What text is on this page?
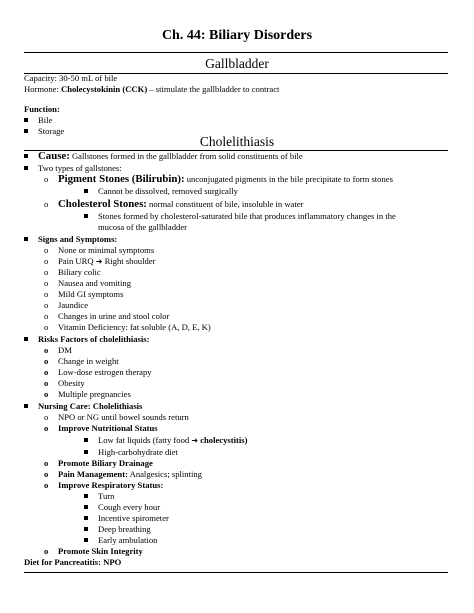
Ch. 44: Biliary Disorders
Gallbladder
Capacity: 30-50 mL of bile
Hormone: Cholecystokinin (CCK) – stimulate the gallbladder to contract
Function:
Bile
Storage
Cholelithiasis
Cause: Gallstones formed in the gallbladder from solid constituents of bile
Two types of gallstones:
o Pigment Stones (Bilirubin): unconjugated pigments in the bile precipitate to form stones
Cannot be dissolved, removed surgically
o Cholesterol Stones: normal constituent of bile, insoluble in water
Stones formed by cholesterol-saturated bile that produces inflammatory changes in the
mucosa of the gallbladder
Signs and Symptoms:
o None or minimal symptoms
o Pain URQ ➜ Right shoulder
o Biliary colic
o Nausea and vomiting
o Mild GI symptoms
o Jaundice
o Changes in urine and stool color
o Vitamin Deficiency: fat soluble (A, D, E, K)
Risks Factors of cholelithiasis:
o DM
o Change in weight
o Low-dose estrogen therapy
o Obesity
o Multiple pregnancies
Nursing Care: Cholelithiasis
o NPO or NG until bowel sounds return
o Improve Nutritional Status
Low fat liquids (fatty food ➜ cholecystitis)
High-carbohydrate diet
o Promote Biliary Drainage
o Pain Management: Analgesics; splinting
o Improve Respiratory Status:
Turn
Cough every hour
Incentive spirometer
Deep breathing
Early ambulation
o Promote Skin Integrity
Diet for Pancreatitis: NPO
